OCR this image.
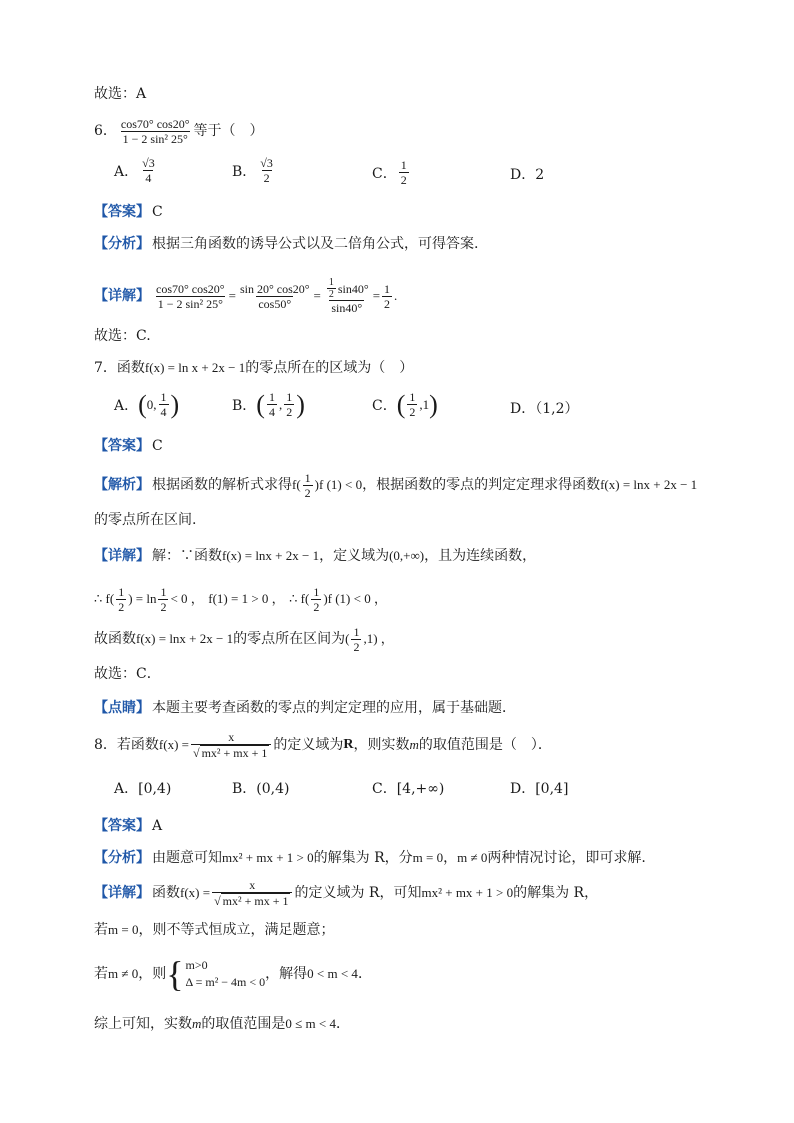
故选：A
6． $\frac{\cos 70^\circ \cos 20^\circ}{\text{1 − 2 sin² 25°}}$ 等于（　）
A． $\frac{√3}{4}$	B． $\frac{√3}{2}$	C． $\frac{1}{2}$	D．2
【答案】 C
【分析】 根据三角函数的诱导公式以及二倍角公式，可得答案.
【详解】 $\frac{\cos 70^\circ \cos 20^\circ}{\text{1 − 2 sin² 25°}} = \frac{\sin 20^\circ \cos 20^\circ}{\cos 50^\circ} = \frac{\frac{1}{2} \sin 40^\circ}{\sin 40^\circ} = \frac{1}{2}$ .
故选：C.
7．函数 f(x) = ln x + 2x − 1 的零点所在的区域为（　）
A． ( 0, $\frac{1}{4}$ )	B． ( $\frac{1}{4}$ , $\frac{1}{2}$ )	C． ( $\frac{1}{2} ,1$ )	D．（1,2）
【答案】 C
【解析】 根据函数的解析式求得 $f( \frac{1}{2} )f$ (1) < 0 ，根据函数的零点的判定定理求得函数 f(x) = lnx + 2x − 1
的零点所在区间.
【详解】 解：∵函数 f(x) = lnx + 2x − 1 ，定义域为 (0,+∞) ，且为连续函数，
∴ $f( \frac{1}{2}$ ) = $\ln \frac{1}{2} < 0$ ，
f(1) = 1 > 0 ，
∴ $f( \frac{1}{2} )f$ (1) < 0 ，
故函数 f(x) = lnx + 2x − 1 的零点所在区间为 ( $\frac{1}{2} ,1$) ，
故选：C．
【点睛】 本题主要考查函数的零点的判定定理的应用，属于基础题．
8．若函数 $f(x) = \frac{x}{\text{√ mx² + mx + 1}}$ 的定义域为 R ，则实数 m 的取值范围是（　）．
A．[0,4)	B．(0,4)	C．[4,+∞)	D．[0,4]
【答案】 A
【分析】 由题意可知 mx² + mx + 1 > 0 的解集为 R，分 m = 0 ， m ≠ 0 两种情况讨论，即可求解.
【详解】 函数 $f(x) = \frac{x}{\text{√ mx² + mx + 1}}$ 的定义域为 R，可知 mx² + mx + 1 > 0 的解集为 R，
若 m = 0 ，则不等式恒成立，满足题意；
若 m ≠ 0 ，则 { m>0
Δ = m² − 4m < 0 ，解得 0 < m < 4 ．
综上可知，实数 m 的取值范围是 0 ≤ m < 4 ．
